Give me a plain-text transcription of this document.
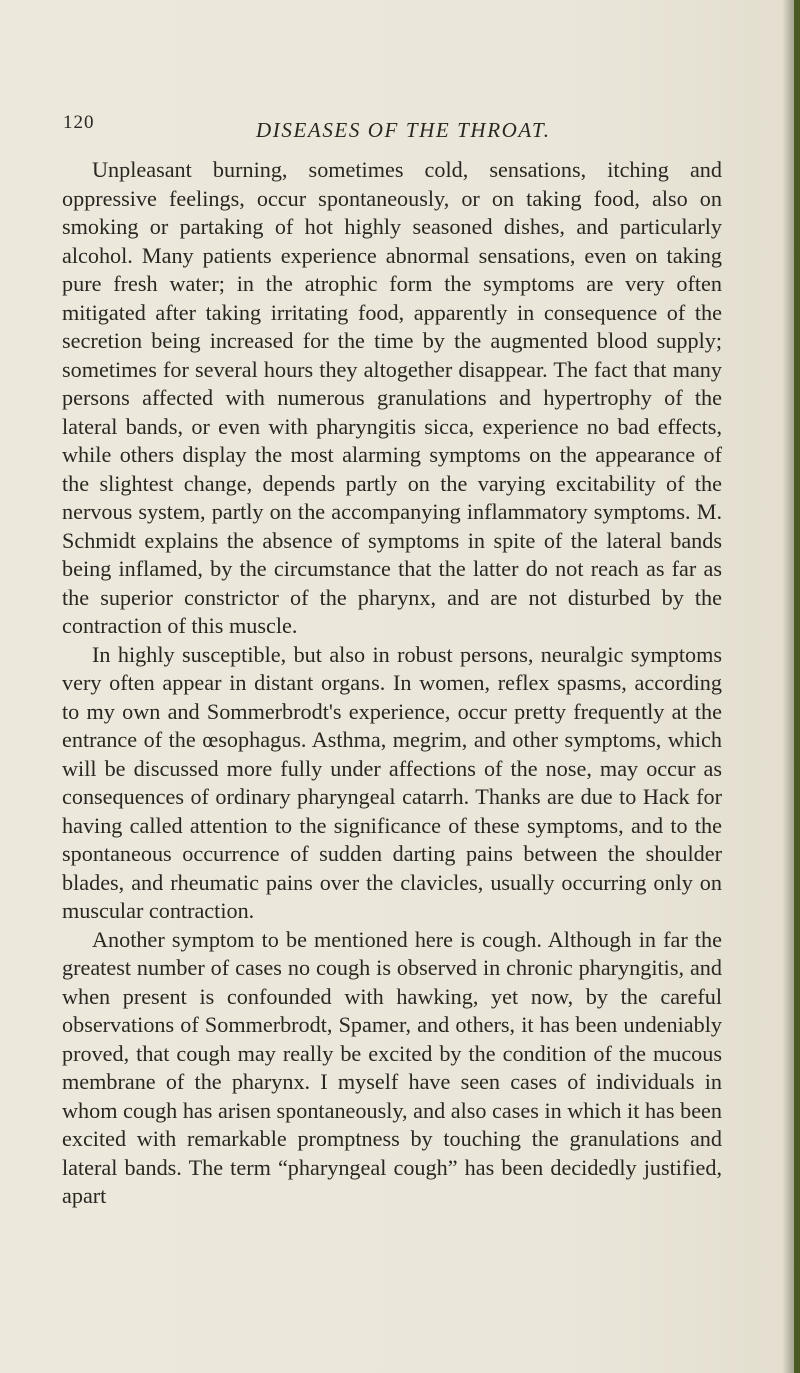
120	DISEASES OF THE THROAT.

Unpleasant burning, sometimes cold, sensations, itching and oppressive feelings, occur spontaneously, or on taking food, also on smoking or partaking of hot highly seasoned dishes, and particularly alcohol. Many patients experience abnormal sensations, even on taking pure fresh water; in the atrophic form the symptoms are very often mitigated after taking irritating food, apparently in consequence of the secretion being increased for the time by the augmented blood supply; sometimes for several hours they altogether disappear. The fact that many persons affected with numerous granulations and hypertrophy of the lateral bands, or even with pharyngitis sicca, experience no bad effects, while others display the most alarming symptoms on the appearance of the slightest change, depends partly on the varying excitability of the nervous system, partly on the accompanying inflammatory symptoms. M. Schmidt explains the absence of symptoms in spite of the lateral bands being inflamed, by the circumstance that the latter do not reach as far as the superior constrictor of the pharynx, and are not disturbed by the contraction of this muscle.

In highly susceptible, but also in robust persons, neuralgic symptoms very often appear in distant organs. In women, reflex spasms, according to my own and Sommerbrodt's experience, occur pretty frequently at the entrance of the œsophagus. Asthma, megrim, and other symptoms, which will be discussed more fully under affections of the nose, may occur as consequences of ordinary pharyngeal catarrh. Thanks are due to Hack for having called attention to the significance of these symptoms, and to the spontaneous occurrence of sudden darting pains between the shoulder blades, and rheumatic pains over the clavicles, usually occurring only on muscular contraction.

Another symptom to be mentioned here is cough. Although in far the greatest number of cases no cough is observed in chronic pharyngitis, and when present is confounded with hawking, yet now, by the careful observations of Sommerbrodt, Spamer, and others, it has been undeniably proved, that cough may really be excited by the condition of the mucous membrane of the pharynx. I myself have seen cases of individuals in whom cough has arisen spontaneously, and also cases in which it has been excited with remarkable promptness by touching the granulations and lateral bands. The term “pharyngeal cough” has been decidedly justified, apart
